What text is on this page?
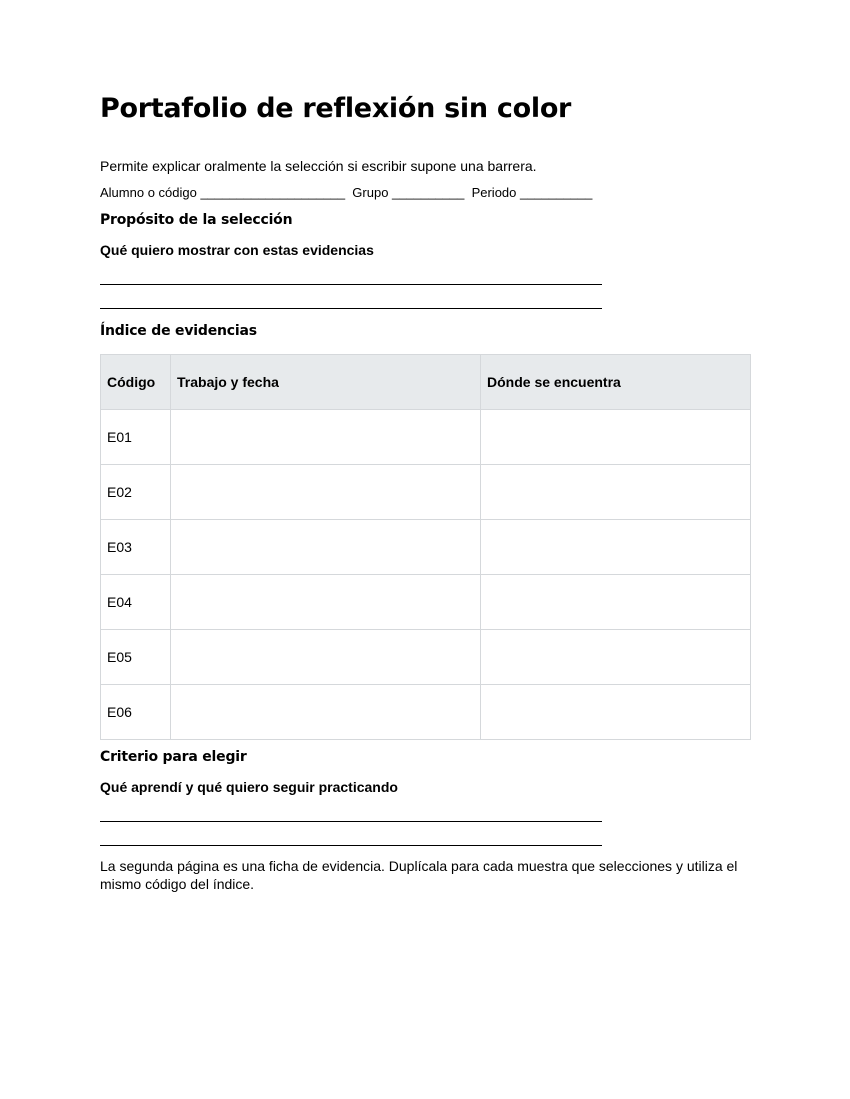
Portafolio de reflexión sin color
Permite explicar oralmente la selección si escribir supone una barrera.
Alumno o código ____________________ Grupo __________ Periodo __________
Propósito de la selección
Qué quiero mostrar con estas evidencias
Índice de evidencias
Código	Trabajo y fecha	Dónde se encuentra
E01		
E02		
E03		
E04		
E05		
E06		
Criterio para elegir
Qué aprendí y qué quiero seguir practicando
La segunda página es una ficha de evidencia. Duplícala para cada muestra que selecciones y utiliza el mismo código del índice.
